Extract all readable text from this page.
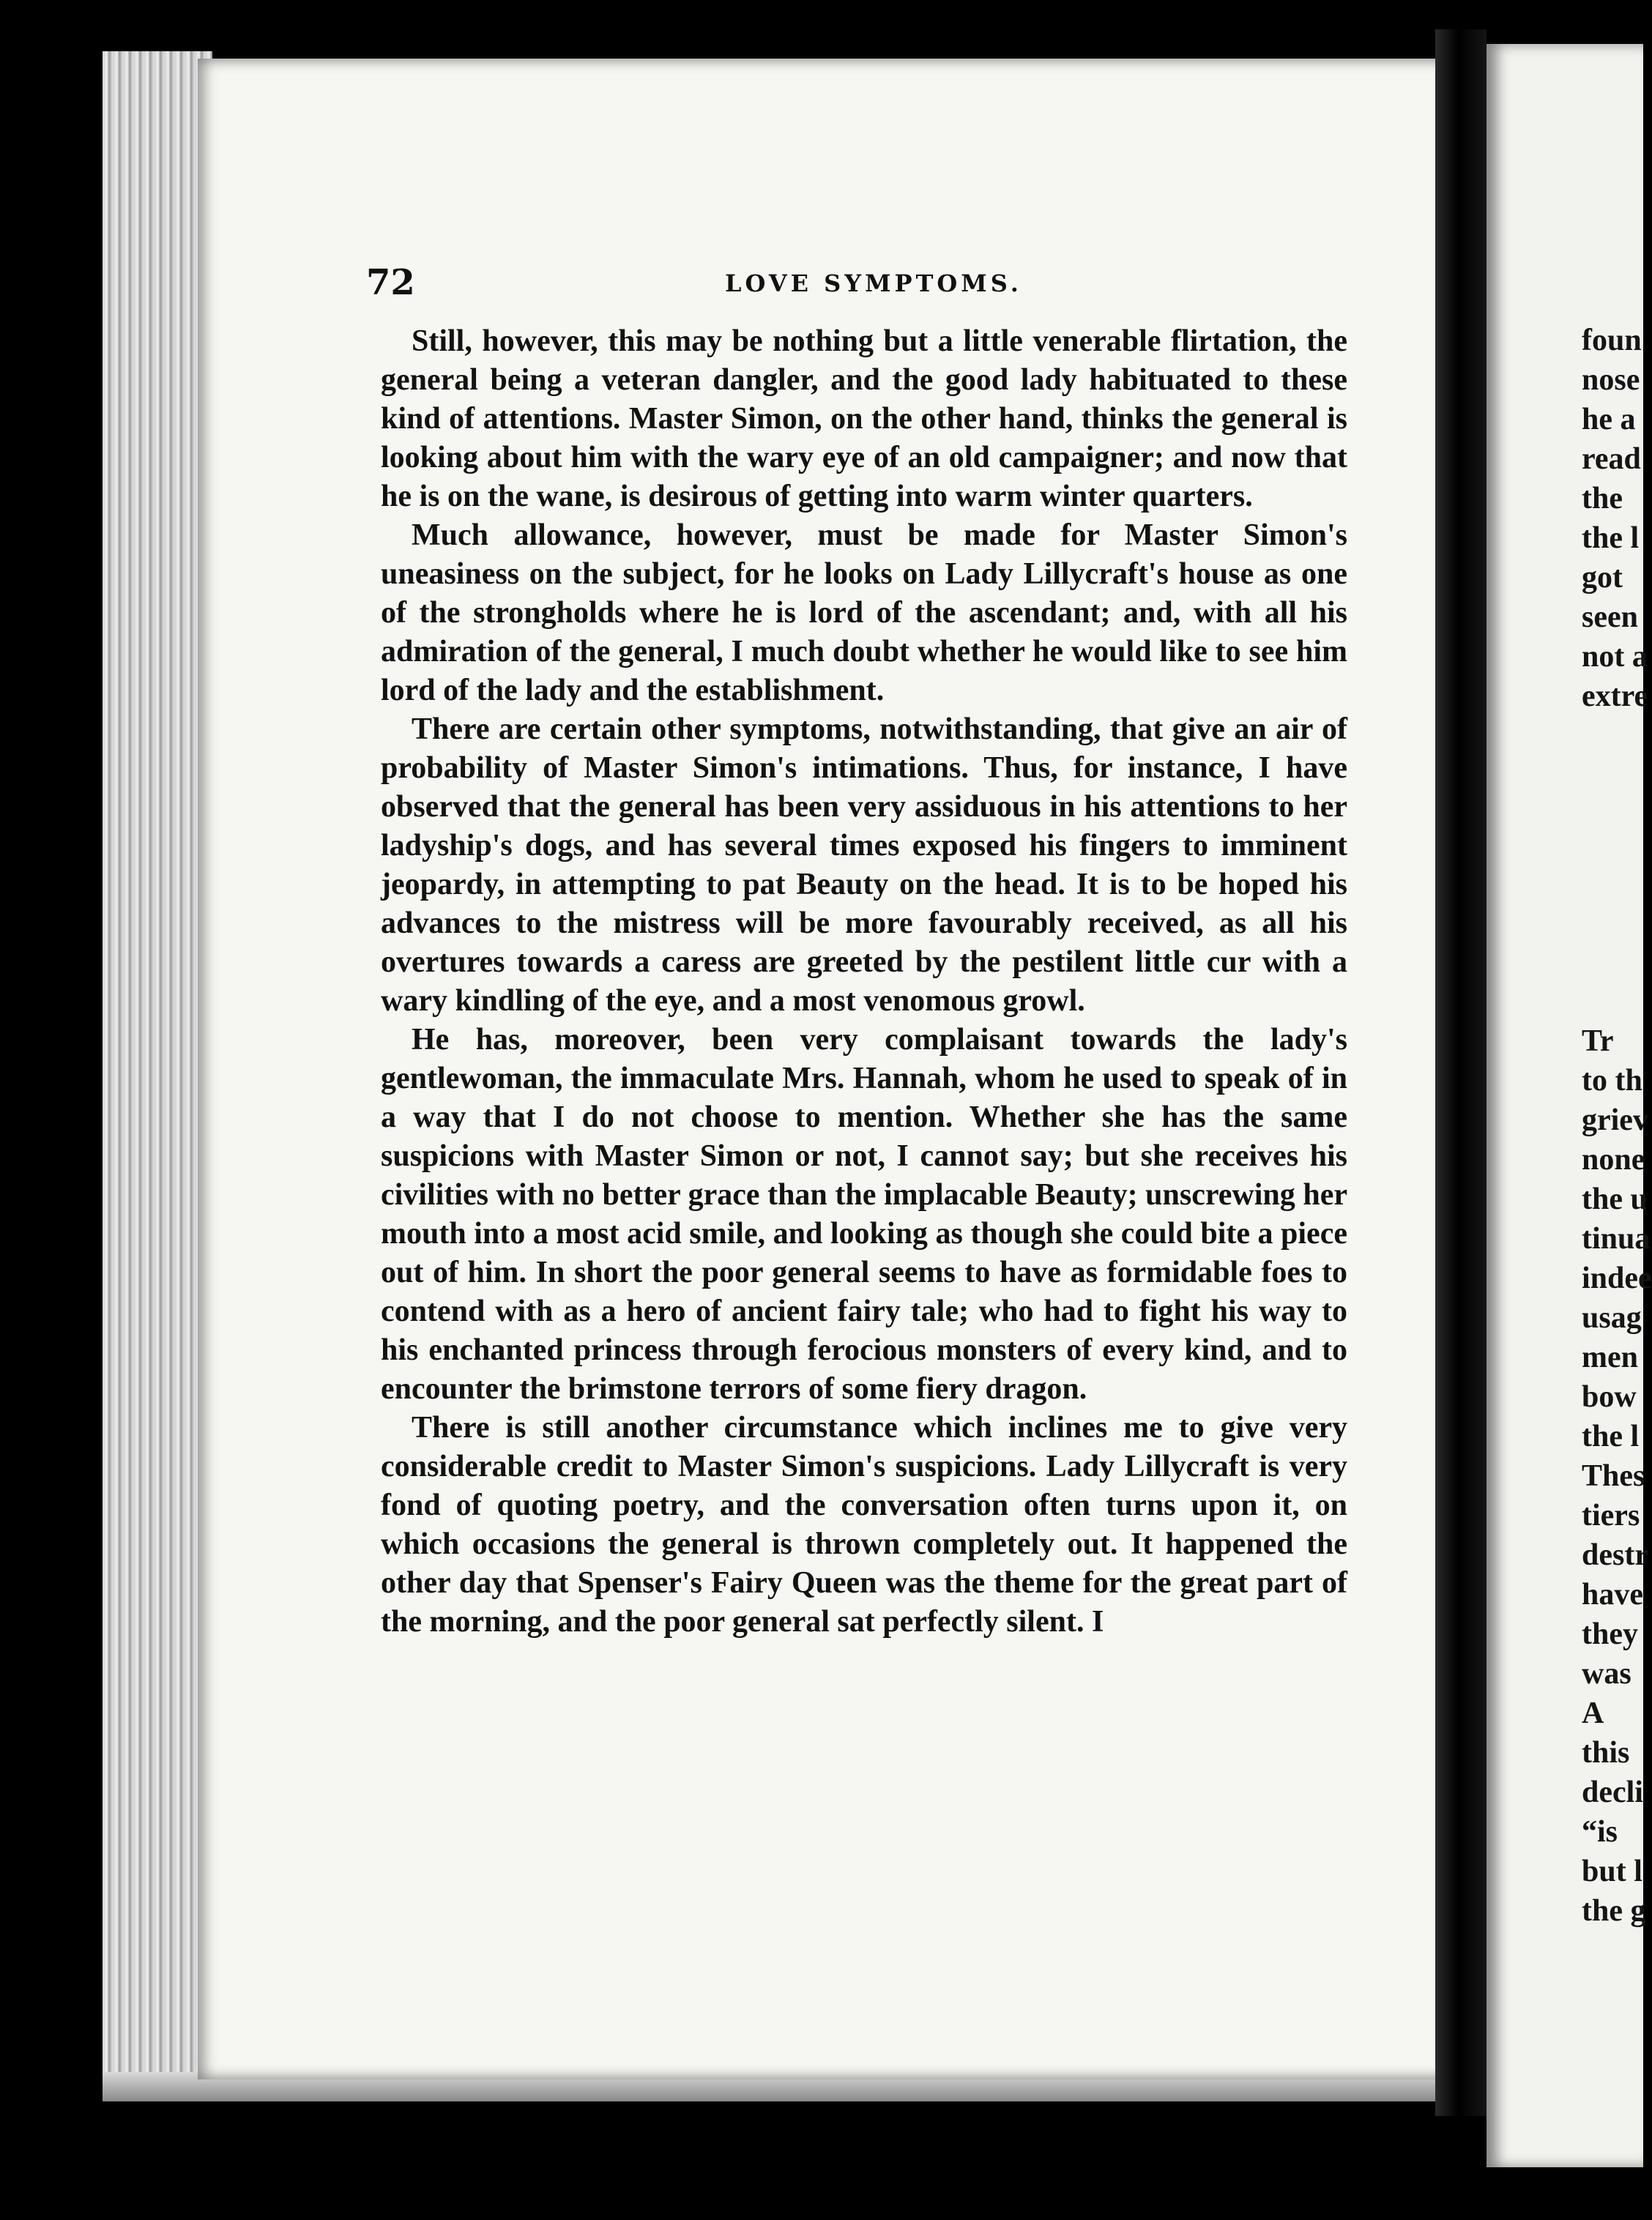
72	LOVE SYMPTOMS.

Still, however, this may be nothing but a little venerable flirtation, the general being a veteran dangler, and the good lady habituated to these kind of attentions. Master Simon, on the other hand, thinks the general is looking about him with the wary eye of an old campaigner; and now that he is on the wane, is desirous of getting into warm winter quarters.

Much allowance, however, must be made for Master Simon's uneasiness on the subject, for he looks on Lady Lillycraft's house as one of the strongholds where he is lord of the ascendant; and, with all his admiration of the general, I much doubt whether he would like to see him lord of the lady and the establishment.

There are certain other symptoms, notwithstanding, that give an air of probability of Master Simon's intimations. Thus, for instance, I have observed that the general has been very assiduous in his attentions to her ladyship's dogs, and has several times exposed his fingers to imminent jeopardy, in attempting to pat Beauty on the head. It is to be hoped his advances to the mistress will be more favourably received, as all his overtures towards a caress are greeted by the pestilent little cur with a wary kindling of the eye, and a most venomous growl.

He has, moreover, been very complaisant towards the lady's gentlewoman, the immaculate Mrs. Hannah, whom he used to speak of in a way that I do not choose to mention. Whether she has the same suspicions with Master Simon or not, I cannot say; but she receives his civilities with no better grace than the implacable Beauty; unscrewing her mouth into a most acid smile, and looking as though she could bite a piece out of him. In short the poor general seems to have as formidable foes to contend with as a hero of ancient fairy tale; who had to fight his way to his enchanted princess through ferocious monsters of every kind, and to encounter the brimstone terrors of some fiery dragon.

There is still another circumstance which inclines me to give very considerable credit to Master Simon's suspicions. Lady Lillycraft is very fond of quoting poetry, and the conversation often turns upon it, on which occasions the general is thrown completely out. It happened the other day that Spenser's Fairy Queen was the theme for the great part of the morning, and the poor general sat perfectly silent. I

foun
nose
he a
read
the
the l
got
seen
not a
extre
Tr
to th
griev
none
the u
tinua
indee
usag
men
bow
the l
Thes
tiers
destr
have
they
was
A
this
decli
“is
but l
the g
